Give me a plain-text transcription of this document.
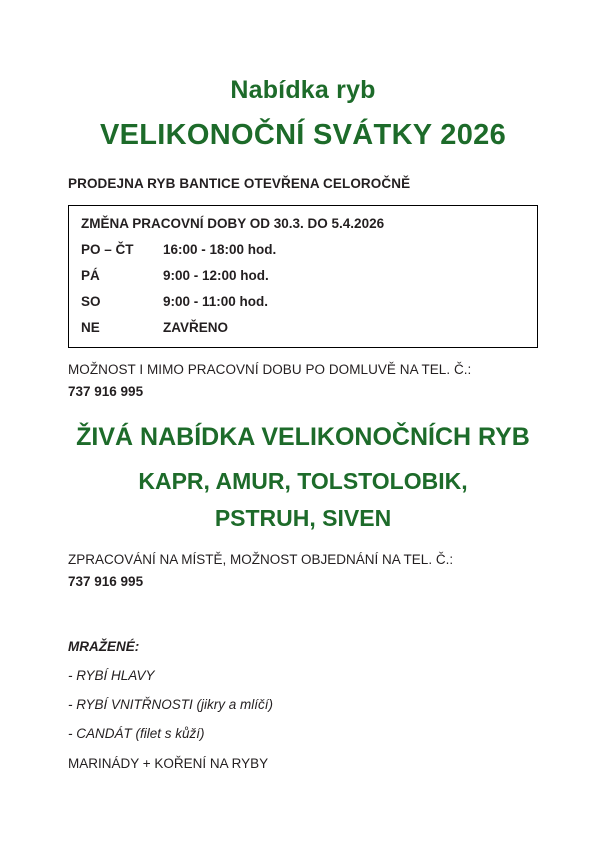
Nabídka ryb
VELIKONOČNÍ SVÁTKY 2026

PRODEJNA RYB BANTICE OTEVŘENA CELOROČNĚ

ZMĚNA PRACOVNÍ DOBY OD 30.3. DO 5.4.2026
PO – ČT	16:00 - 18:00 hod.
PÁ	9:00 - 12:00 hod.
SO	9:00 - 11:00 hod.
NE	ZAVŘENO

MOŽNOST I MIMO PRACOVNÍ DOBU PO DOMLUVĚ NA TEL. Č.:

737 916 995

ŽIVÁ NABÍDKA VELIKONOČNÍCH RYB

KAPR, AMUR, TOLSTOLOBIK,

PSTRUH, SIVEN

ZPRACOVÁNÍ NA MÍSTĚ, MOŽNOST OBJEDNÁNÍ NA TEL. Č.:

737 916 995

MRAŽENÉ:

- RYBÍ HLAVY

- RYBÍ VNITŘNOSTI (jikry a mlíčí)

- CANDÁT (filet s kůží)

MARINÁDY + KOŘENÍ NA RYBY
